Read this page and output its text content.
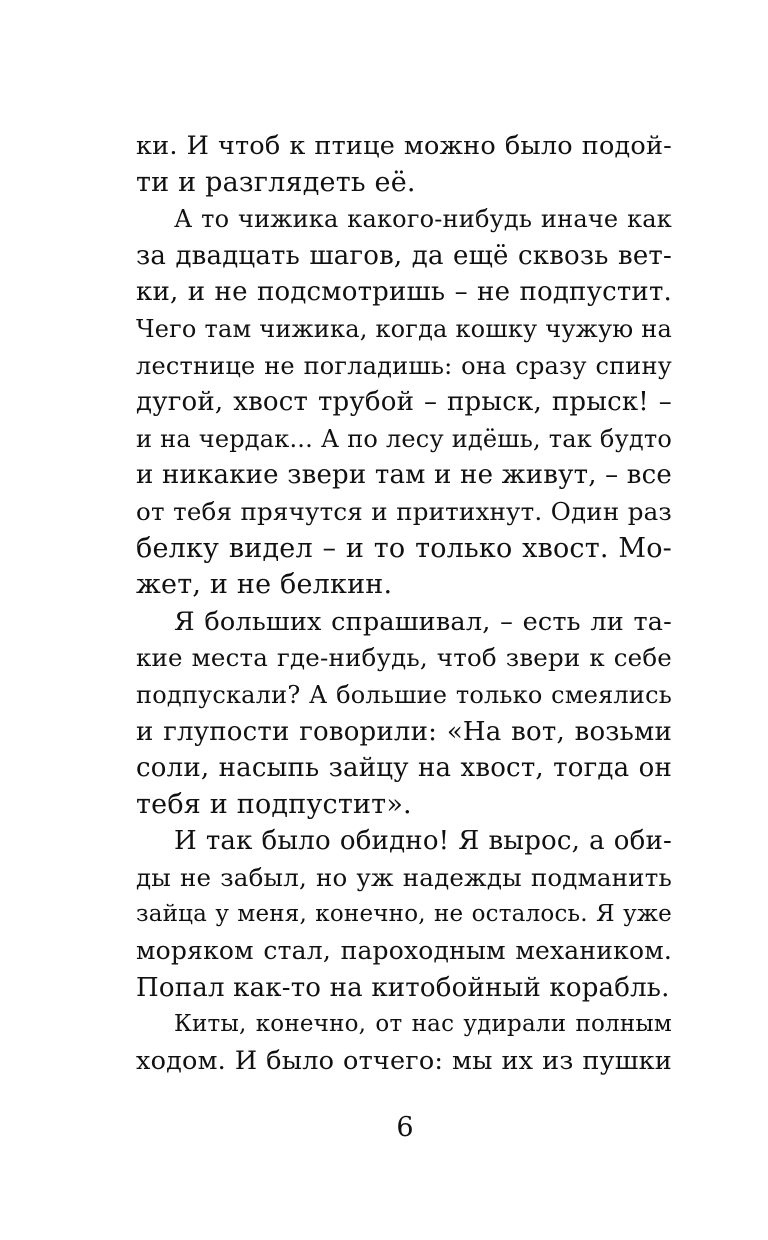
ки. И чтоб к птице можно было подой-
ти и разглядеть её.
А то чижика какого-нибудь иначе как
за двадцать шагов, да ещё сквозь вет-
ки, и не подсмотришь – не подпустит.
Чего там чижика, когда кошку чужую на
лестнице не погладишь: она сразу спину
дугой, хвост трубой – прыск, прыск! –
и на чердак... А по лесу идёшь, так будто
и никакие звери там и не живут, – все
от тебя прячутся и притихнут. Один раз
белку видел – и то только хвост. Мо-
жет, и не белкин.
Я больших спрашивал, – есть ли та-
кие места где-нибудь, чтоб звери к себе
подпускали? А большие только смеялись
и глупости говорили: «На вот, возьми
соли, насыпь зайцу на хвост, тогда он
тебя и подпустит».
И так было обидно! Я вырос, а оби-
ды не забыл, но уж надежды подманить
зайца у меня, конечно, не осталось. Я уже
моряком стал, пароходным механиком.
Попал как-то на китобойный корабль.
Киты, конечно, от нас удирали полным
ходом. И было отчего: мы их из пушки
6
